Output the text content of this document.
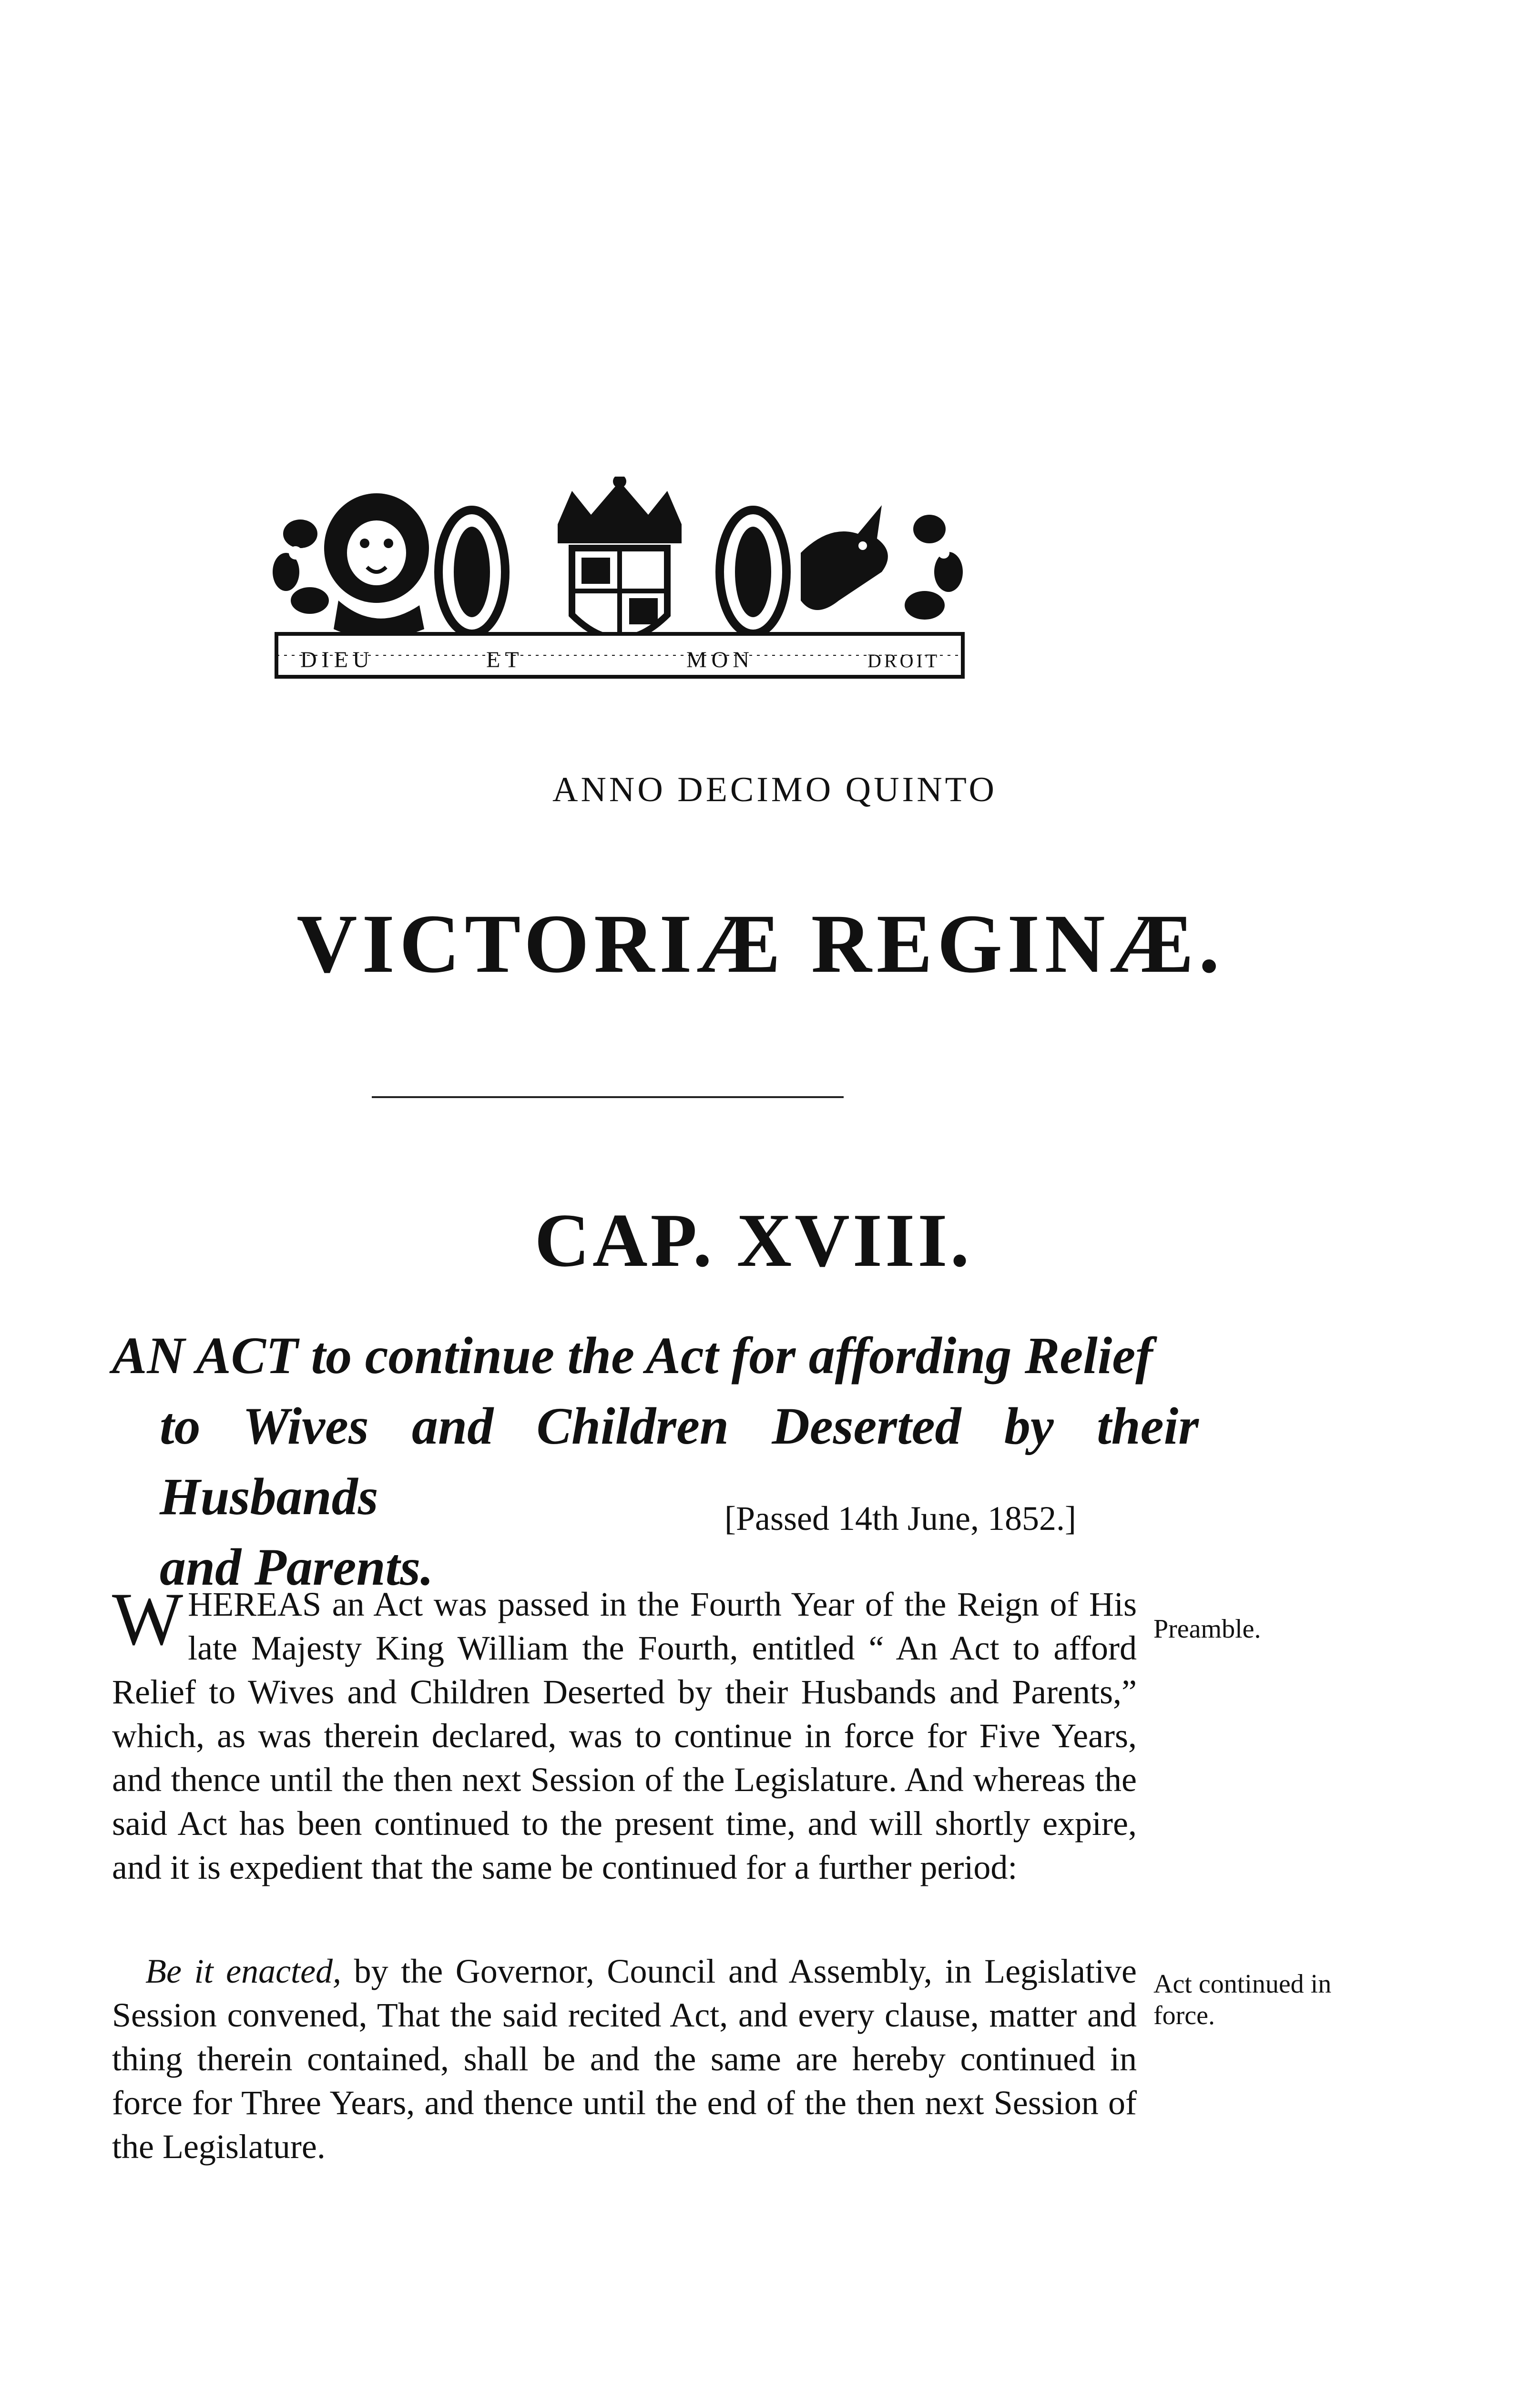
DIEU	ET	MON	DROIT
ANNO DECIMO QUINTO
VICTORIÆ REGINÆ.
CAP. XVIII.
AN ACT to continue the Act for affording Relief
to Wives and Children Deserted by their Husbands
and Parents.
[Passed 14th June, 1852.]
WHEREAS an Act was passed in the Fourth Year of the Reign of His late Majesty King William the Fourth, entitled “ An Act to afford Relief to Wives and Children Deserted by their Husbands and Parents,” which, as was therein declared, was to continue in force for Five Years, and thence until the then next Session of the Legislature. And whereas the said Act has been continued to the present time, and will shortly expire, and it is expedient that the same be continued for a further period:
Preamble.
Be it enacted, by the Governor, Council and Assembly, in Legislative Session convened, That the said recited Act, and every clause, matter and thing therein contained, shall be and the same are hereby continued in force for Three Years, and thence until the end of the then next Session of the Legislature.
Act continued in force.
